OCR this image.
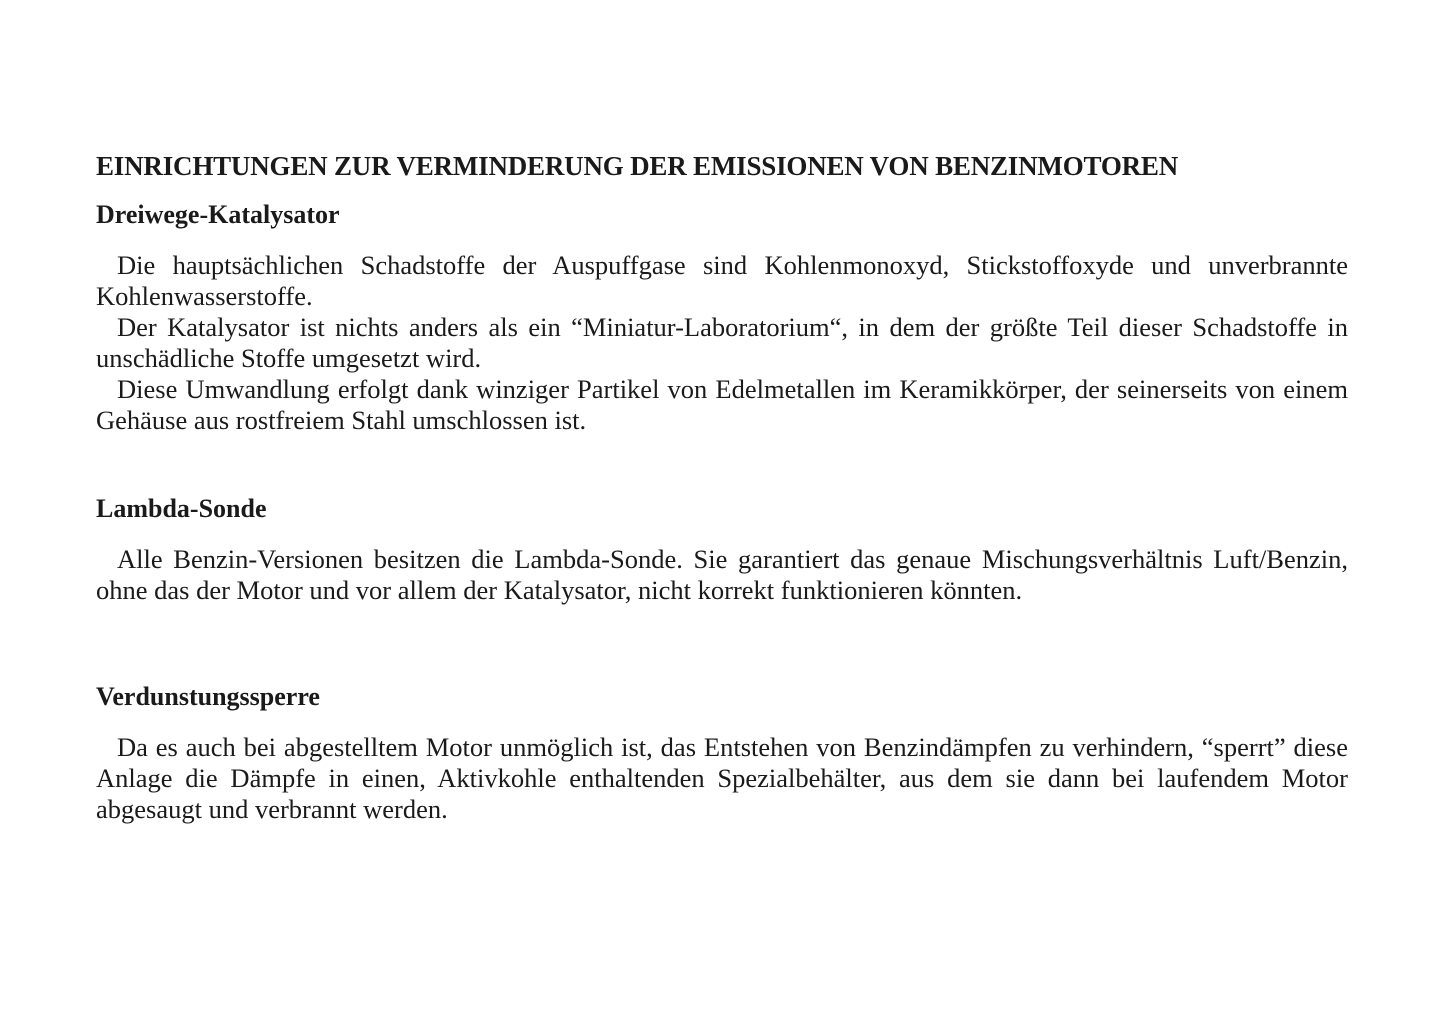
EINRICHTUNGEN ZUR VERMINDERUNG DER EMISSIONEN VON BENZINMOTOREN
Dreiwege-Katalysator

Die hauptsächlichen Schadstoffe der Auspuffgase sind Kohlenmonoxyd, Stickstoffoxyde und unverbrannte Kohlenwasserstoffe.

Der Katalysator ist nichts anders als ein “Miniatur-Laboratorium“, in dem der größte Teil dieser Schadstoffe in unschädliche Stoffe umgesetzt wird.

Diese Umwandlung erfolgt dank winziger Partikel von Edelmetallen im Keramikkörper, der seinerseits von einem Gehäuse aus rostfreiem Stahl umschlossen ist.

Lambda-Sonde

Alle Benzin-Versionen besitzen die Lambda-Sonde. Sie garantiert das genaue Mischungsverhältnis Luft/Benzin, ohne das der Motor und vor allem der Katalysator, nicht korrekt funktionieren könnten.

Verdunstungssperre

Da es auch bei abgestelltem Motor unmöglich ist, das Entstehen von Benzindämpfen zu verhindern, “sperrt” diese Anlage die Dämpfe in einen, Aktivkohle enthaltenden Spezialbehälter, aus dem sie dann bei laufendem Motor abgesaugt und verbrannt werden.
